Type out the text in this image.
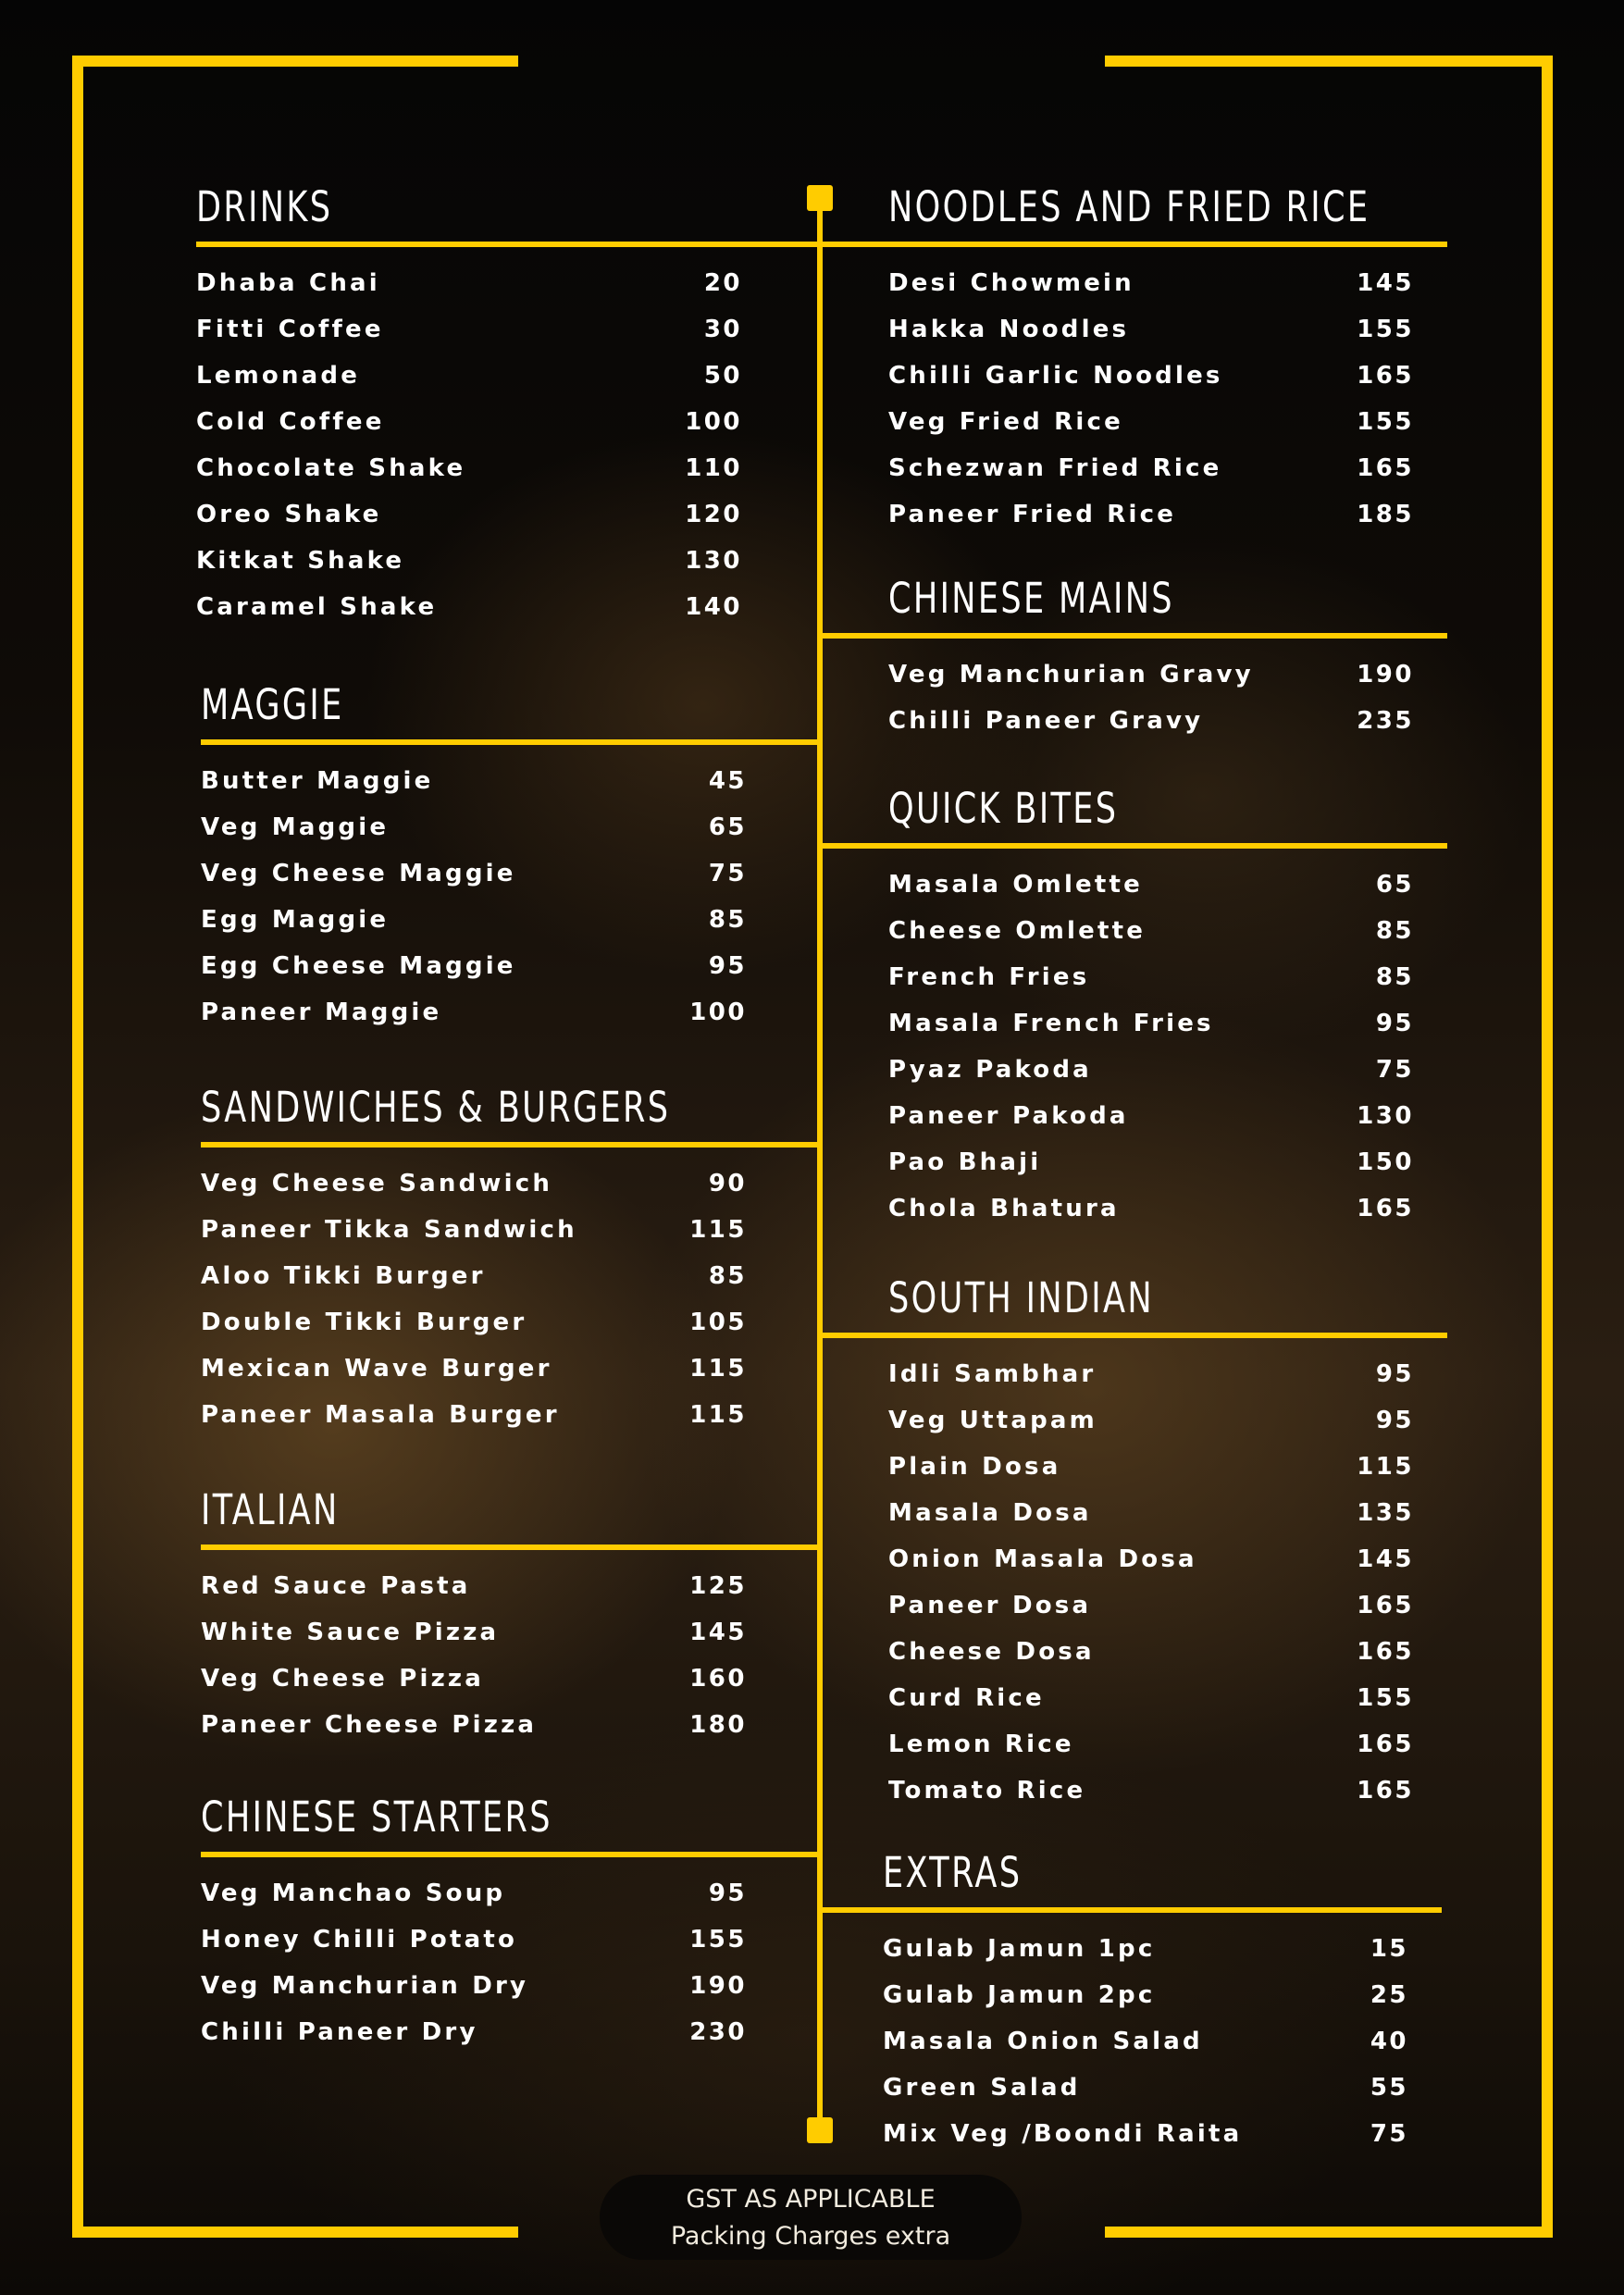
DRINKS
Dhaba Chai	20
Fitti Coffee	30
Lemonade	50
Cold Coffee	100
Chocolate Shake	110
Oreo Shake	120
Kitkat Shake	130
Caramel Shake	140
MAGGIE
Butter Maggie	45
Veg Maggie	65
Veg Cheese Maggie	75
Egg Maggie	85
Egg Cheese Maggie	95
Paneer Maggie	100
SANDWICHES & BURGERS
Veg Cheese Sandwich	90
Paneer Tikka Sandwich	115
Aloo Tikki Burger	85
Double Tikki Burger	105
Mexican Wave Burger	115
Paneer Masala Burger	115
ITALIAN
Red Sauce Pasta	125
White Sauce Pizza	145
Veg Cheese Pizza	160
Paneer Cheese Pizza	180
CHINESE STARTERS
Veg Manchao Soup	95
Honey Chilli Potato	155
Veg Manchurian Dry	190
Chilli Paneer Dry	230
NOODLES AND FRIED RICE
Desi Chowmein	145
Hakka Noodles	155
Chilli Garlic Noodles	165
Veg Fried Rice	155
Schezwan Fried Rice	165
Paneer Fried Rice	185
CHINESE MAINS
Veg Manchurian Gravy	190
Chilli Paneer Gravy	235
QUICK BITES
Masala Omlette	65
Cheese Omlette	85
French Fries	85
Masala French Fries	95
Pyaz Pakoda	75
Paneer Pakoda	130
Pao Bhaji	150
Chola Bhatura	165
SOUTH INDIAN
Idli Sambhar	95
Veg Uttapam	95
Plain Dosa	115
Masala Dosa	135
Onion Masala Dosa	145
Paneer Dosa	165
Cheese Dosa	165
Curd Rice	155
Lemon Rice	165
Tomato Rice	165
EXTRAS
Gulab Jamun 1pc	15
Gulab Jamun 2pc	25
Masala Onion Salad	40
Green Salad	55
Mix Veg /Boondi Raita	75
GST AS APPLICABLE
Packing Charges extra
